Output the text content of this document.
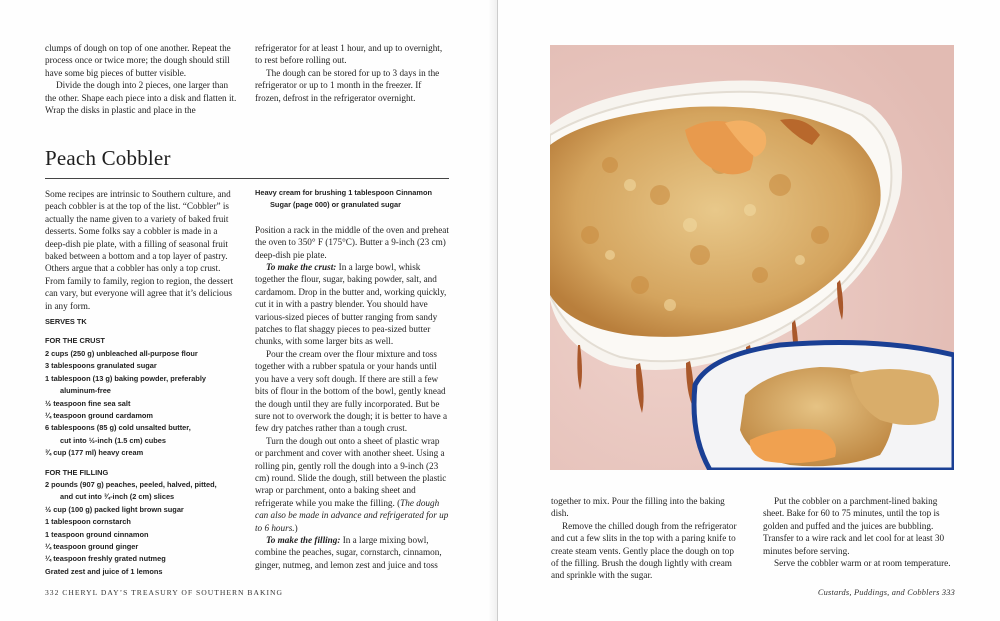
clumps of dough on top of one another. Repeat the process once or twice more; the dough should still have some big pieces of butter visible.

Divide the dough into 2 pieces, one larger than the other. Shape each piece into a disk and flatten it. Wrap the disks in plastic and place in the

refrigerator for at least 1 hour, and up to overnight, to rest before rolling out.

The dough can be stored for up to 3 days in the refrigerator or up to 1 month in the freezer. If frozen, defrost in the refrigerator overnight.

Peach Cobbler

Some recipes are intrinsic to Southern culture, and peach cobbler is at the top of the list. “Cobbler” is actually the name given to a variety of baked fruit desserts. Some folks say a cobbler is made in a deep-dish pie plate, with a filling of seasonal fruit baked between a bottom and a top layer of pastry. Others argue that a cobbler has only a top crust. From family to family, region to region, the dessert can vary, but everyone will agree that it’s delicious in any form.

SERVES TK
FOR THE CRUST
2 cups (250 g) unbleached all-purpose flour
3 tablespoons granulated sugar
1 tablespoon (13 g) baking powder, preferably
aluminum-free
½ teaspoon fine sea salt
¼ teaspoon ground cardamom
6 tablespoons (85 g) cold unsalted butter,
cut into ½-inch (1.5 cm) cubes
¾ cup (177 ml) heavy cream
FOR THE FILLING
2 pounds (907 g) peaches, peeled, halved, pitted,
and cut into ¾-inch (2 cm) slices
½ cup (100 g) packed light brown sugar
1 tablespoon cornstarch
1 teaspoon ground cinnamon
¼ teaspoon ground ginger
¼ teaspoon freshly grated nutmeg
Grated zest and juice of 1 lemons
Heavy cream for brushing 1 tablespoon Cinnamon
Sugar (page 000) or granulated sugar

Position a rack in the middle of the oven and preheat the oven to 350° F (175°C). Butter a 9-inch (23 cm) deep-dish pie plate.

To make the crust: In a large bowl, whisk together the flour, sugar, baking powder, salt, and cardamom. Drop in the butter and, working quickly, cut it in with a pastry blender. You should have various-sized pieces of butter ranging from sandy patches to flat shaggy pieces to pea-sized butter chunks, with some larger bits as well.

Pour the cream over the flour mixture and toss together with a rubber spatula or your hands until you have a very soft dough. If there are still a few bits of flour in the bottom of the bowl, gently knead the dough until they are fully incorporated. But be sure not to overwork the dough; it is better to have a few dry patches rather than a tough crust.

Turn the dough out onto a sheet of plastic wrap or parchment and cover with another sheet. Using a rolling pin, gently roll the dough into a 9-inch (23 cm) round. Slide the dough, still between the plastic wrap or parchment, onto a baking sheet and refrigerate while you make the filling. (The dough can also be made in advance and refrigerated for up to 6 hours.)

To make the filling: In a large mixing bowl, combine the peaches, sugar, cornstarch, cinnamon, ginger, nutmeg, and lemon zest and juice and toss

332 CHERYL DAY’S TREASURY OF SOUTHERN BAKING

together to mix. Pour the filling into the baking dish.

Remove the chilled dough from the refrigerator and cut a few slits in the top with a paring knife to create steam vents. Gently place the dough on top of the filling. Brush the dough lightly with cream and sprinkle with the sugar.

Put the cobbler on a parchment-lined baking sheet. Bake for 60 to 75 minutes, until the top is golden and puffed and the juices are bubbling. Transfer to a wire rack and let cool for at least 30 minutes before serving.

Serve the cobbler warm or at room temperature.

Custards, Puddings, and Cobblers 333
